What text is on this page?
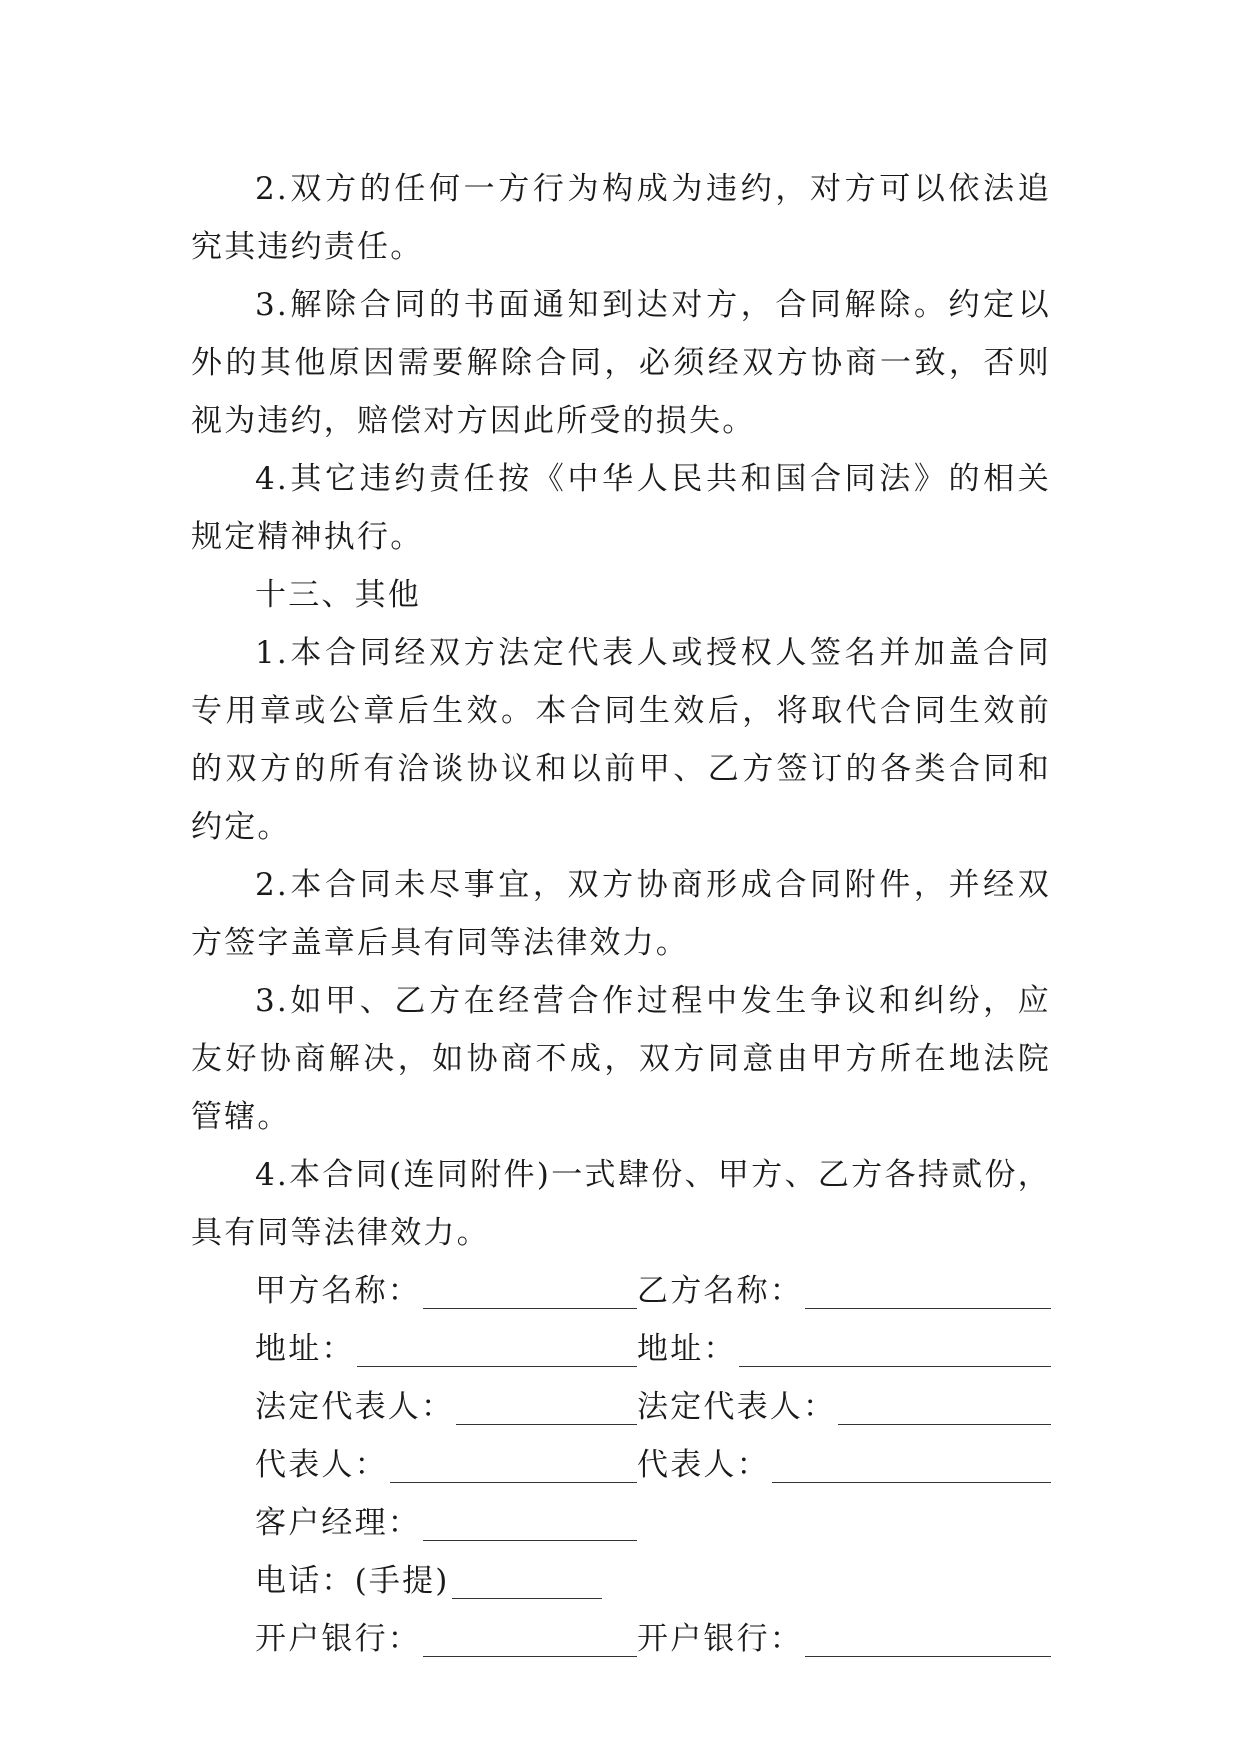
2.双方的任何一方行为构成为违约，对方可以依法追究其违约责任。

3.解除合同的书面通知到达对方，合同解除。约定以外的其他原因需要解除合同，必须经双方协商一致，否则视为违约，赔偿对方因此所受的损失。

4.其它违约责任按《中华人民共和国合同法》的相关规定精神执行。

十三、其他

1.本合同经双方法定代表人或授权人签名并加盖合同专用章或公章后生效。本合同生效后，将取代合同生效前的双方的所有洽谈协议和以前甲、乙方签订的各类合同和约定。

2.本合同未尽事宜，双方协商形成合同附件，并经双方签字盖章后具有同等法律效力。

3.如甲、乙方在经营合作过程中发生争议和纠纷，应友好协商解决，如协商不成，双方同意由甲方所在地法院管辖。

4.本合同(连同附件)一式肆份、甲方、乙方各持贰份，具有同等法律效力。

甲方名称：	乙方名称：
地址：	地址：
法定代表人：	法定代表人：
代表人：	代表人：
客户经理：
电话：(手提)
开户银行：	开户银行：
